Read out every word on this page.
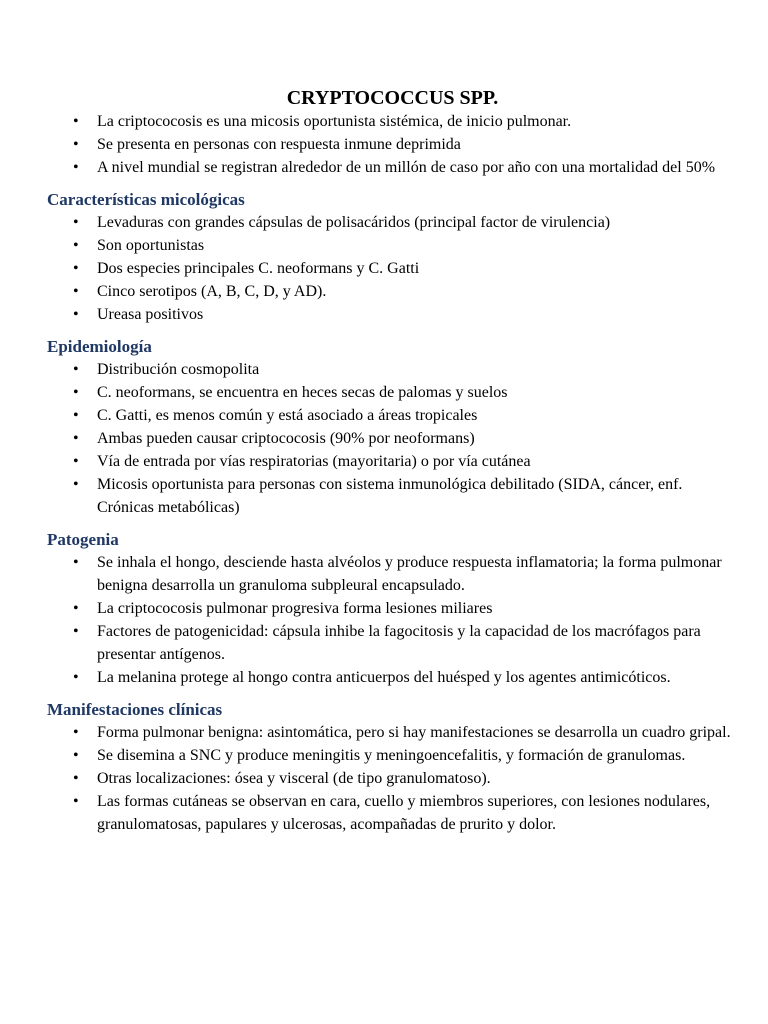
CRYPTOCOCCUS SPP.
• La criptococosis es una micosis oportunista sistémica, de inicio pulmonar.
• Se presenta en personas con respuesta inmune deprimida
• A nivel mundial se registran alrededor de un millón de caso por año con una mortalidad del 50%
Características micológicas
• Levaduras con grandes cápsulas de polisacáridos (principal factor de virulencia)
• Son oportunistas
• Dos especies principales C. neoformans y C. Gatti
• Cinco serotipos (A, B, C, D, y AD).
• Ureasa positivos
Epidemiología
• Distribución cosmopolita
• C. neoformans, se encuentra en heces secas de palomas y suelos
• C. Gatti, es menos común y está asociado a áreas tropicales
• Ambas pueden causar criptococosis (90% por neoformans)
• Vía de entrada por vías respiratorias (mayoritaria) o por vía cutánea
• Micosis oportunista para personas con sistema inmunológica debilitado (SIDA, cáncer, enf. Crónicas metabólicas)
Patogenia
• Se inhala el hongo, desciende hasta alvéolos y produce respuesta inflamatoria; la forma pulmonar benigna desarrolla un granuloma subpleural encapsulado.
• La criptococosis pulmonar progresiva forma lesiones miliares
• Factores de patogenicidad: cápsula inhibe la fagocitosis y la capacidad de los macrófagos para presentar antígenos.
• La melanina protege al hongo contra anticuerpos del huésped y los agentes antimicóticos.
Manifestaciones clínicas
• Forma pulmonar benigna: asintomática, pero si hay manifestaciones se desarrolla un cuadro gripal.
• Se disemina a SNC y produce meningitis y meningoencefalitis, y formación de granulomas.
• Otras localizaciones: ósea y visceral (de tipo granulomatoso).
• Las formas cutáneas se observan en cara, cuello y miembros superiores, con lesiones nodulares, granulomatosas, papulares y ulcerosas, acompañadas de prurito y dolor.
